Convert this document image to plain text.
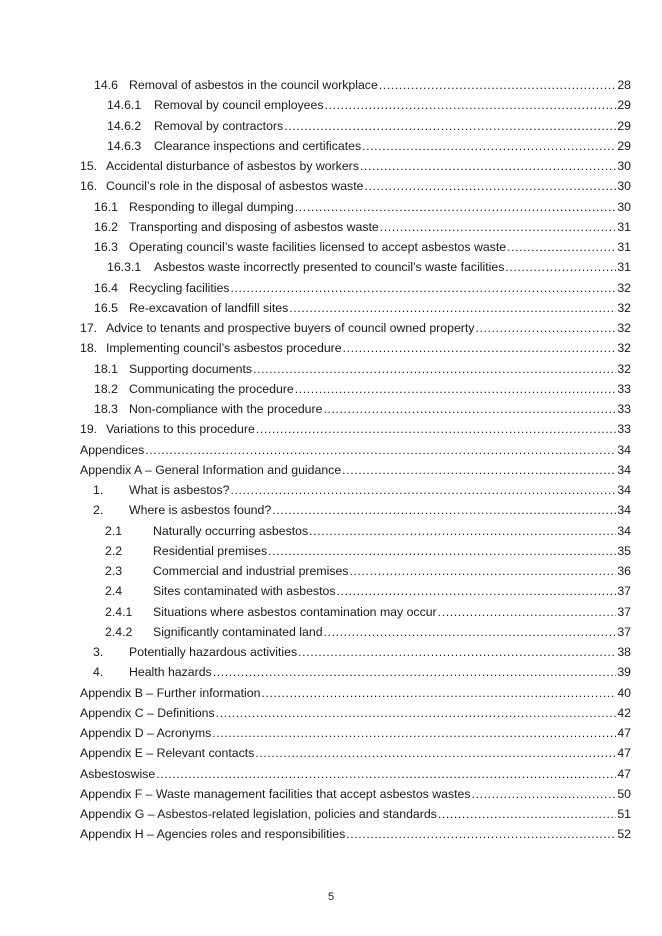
14.6 Removal of asbestos in the council workplace .....	28
14.6.1	Removal by council employees .....	29
14.6.2	Removal by contractors .....	29
14.6.3	Clearance inspections and certificates .....	29
15. Accidental disturbance of asbestos by workers .....	30
16. Council’s role in the disposal of asbestos waste .....	30
16.1 Responding to illegal dumping .....	30
16.2 Transporting and disposing of asbestos waste .....	31
16.3 Operating council’s waste facilities licensed to accept asbestos waste .....	31
16.3.1	Asbestos waste incorrectly presented to council’s waste facilities .....	31
16.4 Recycling facilities .....	32
16.5 Re-excavation of landfill sites .....	32
17. Advice to tenants and prospective buyers of council owned property .....	32
18. Implementing council’s asbestos procedure .....	32
18.1 Supporting documents .....	32
18.2 Communicating the procedure .....	33
18.3 Non-compliance with the procedure .....	33
19. Variations to this procedure .....	33
Appendices .....	34
Appendix A – General Information and guidance .....	34
1.	What is asbestos? .....	34
2.	Where is asbestos found? .....	34
2.1	Naturally occurring asbestos .....	34
2.2	Residential premises .....	35
2.3	Commercial and industrial premises .....	36
2.4	Sites contaminated with asbestos .....	37
2.4.1	Situations where asbestos contamination may occur .....	37
2.4.2	Significantly contaminated land .....	37
3.	Potentially hazardous activities .....	38
4.	Health hazards .....	39
Appendix B – Further information .....	40
Appendix C – Definitions .....	42
Appendix D – Acronyms .....	47
Appendix E – Relevant contacts .....	47
Asbestoswise .....	47
Appendix F – Waste management facilities that accept asbestos wastes .....	50
Appendix G – Asbestos-related legislation, policies and standards .....	51
Appendix H – Agencies roles and responsibilities .....	52
5
